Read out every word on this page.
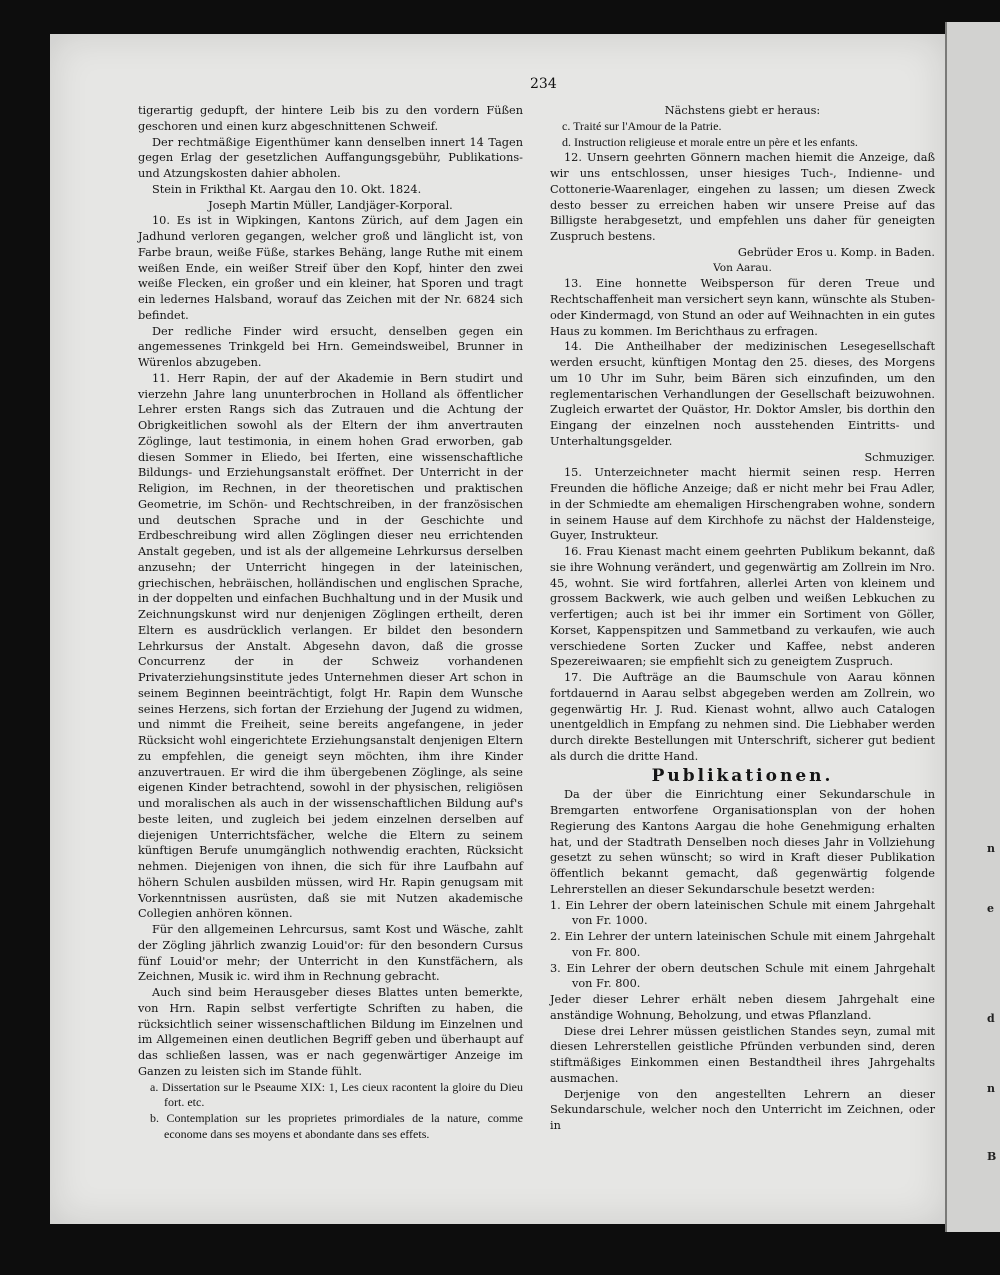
n
e
d
n
B
234

tigerartig gedupft, der hintere Leib bis zu den vordern Füßen geschoren und einen kurz abgeschnittenen Schweif.

Der rechtmäßige Eigenthümer kann denselben innert 14 Tagen gegen Erlag der gesetzlichen Auffangungsgebühr, Publikations- und Atzungskosten dahier abholen.

Stein in Frikthal Kt. Aargau den 10. Okt. 1824.

Joseph Martin Müller, Landjäger-Korporal.

10. Es ist in Wipkingen, Kantons Zürich, auf dem Jagen ein Jadhund verloren gegangen, welcher groß und länglicht ist, von Farbe braun, weiße Füße, starkes Behäng, lange Ruthe mit einem weißen Ende, ein weißer Streif über den Kopf, hinter den zwei weiße Flecken, ein großer und ein kleiner, hat Sporen und tragt ein ledernes Halsband, worauf das Zeichen mit der Nr. 6824 sich befindet.

Der redliche Finder wird ersucht, denselben gegen ein angemessenes Trinkgeld bei Hrn. Gemeindsweibel, Brunner in Würenlos abzugeben.

11. Herr Rapin, der auf der Akademie in Bern studirt und vierzehn Jahre lang ununterbrochen in Holland als öffentlicher Lehrer ersten Rangs sich das Zutrauen und die Achtung der Obrigkeitlichen sowohl als der Eltern der ihm anvertrauten Zöglinge, laut testimonia, in einem hohen Grad erworben, gab diesen Sommer in Eliedo, bei Iferten, eine wissenschaftliche Bildungs- und Erziehungsanstalt eröffnet. Der Unterricht in der Religion, im Rechnen, in der theoretischen und praktischen Geometrie, im Schön- und Rechtschreiben, in der französischen und deutschen Sprache und in der Geschichte und Erdbeschreibung wird allen Zöglingen dieser neu errichtenden Anstalt gegeben, und ist als der allgemeine Lehrkursus derselben anzusehn; der Unterricht hingegen in der lateinischen, griechischen, hebräischen, holländischen und englischen Sprache, in der doppelten und einfachen Buchhaltung und in der Musik und Zeichnungskunst wird nur denjenigen Zöglingen ertheilt, deren Eltern es ausdrücklich verlangen. Er bildet den besondern Lehrkursus der Anstalt. Abgesehn davon, daß die grosse Concurrenz der in der Schweiz vorhandenen Privaterziehungsinstitute jedes Unternehmen dieser Art schon in seinem Beginnen beeinträchtigt, folgt Hr. Rapin dem Wunsche seines Herzens, sich fortan der Erziehung der Jugend zu widmen, und nimmt die Freiheit, seine bereits angefangene, in jeder Rücksicht wohl eingerichtete Erziehungsanstalt denjenigen Eltern zu empfehlen, die geneigt seyn möchten, ihm ihre Kinder anzuvertrauen. Er wird die ihm übergebenen Zöglinge, als seine eigenen Kinder betrachtend, sowohl in der physischen, religiösen und moralischen als auch in der wissenschaftlichen Bildung auf's beste leiten, und zugleich bei jedem einzelnen derselben auf diejenigen Unterrichtsfächer, welche die Eltern zu seinem künftigen Berufe unumgänglich nothwendig erachten, Rücksicht nehmen. Diejenigen von ihnen, die sich für ihre Laufbahn auf höhern Schulen ausbilden müssen, wird Hr. Rapin genugsam mit Vorkenntnissen ausrüsten, daß sie mit Nutzen akademische Collegien anhören können.

Für den allgemeinen Lehrcursus, samt Kost und Wäsche, zahlt der Zögling jährlich zwanzig Louid'or: für den besondern Cursus fünf Louid'or mehr; der Unterricht in den Kunstfächern, als Zeichnen, Musik ic. wird ihm in Rechnung gebracht.

Auch sind beim Herausgeber dieses Blattes unten bemerkte, von Hrn. Rapin selbst verfertigte Schriften zu haben, die rücksichtlich seiner wissenschaftlichen Bildung im Einzelnen und im Allgemeinen einen deutlichen Begriff geben und überhaupt auf das schließen lassen, was er nach gegenwärtiger Anzeige im Ganzen zu leisten sich im Stande fühlt.

a. Dissertation sur le Pseaume XIX: 1, Les cieux racontent la gloire du Dieu fort. etc.

b. Contemplation sur les proprietes primordiales de la nature, comme econome dans ses moyens et abondante dans ses effets.

Nächstens giebt er heraus:

c. Traité sur l'Amour de la Patrie.

d. Instruction religieuse et morale entre un père et les enfants.

12. Unsern geehrten Gönnern machen hiemit die Anzeige, daß wir uns entschlossen, unser hiesiges Tuch-, Indienne- und Cottonerie-Waarenlager, eingehen zu lassen; um diesen Zweck desto besser zu erreichen haben wir unsere Preise auf das Billigste herabgesetzt, und empfehlen uns daher für geneigten Zuspruch bestens.

Gebrüder Eros u. Komp. in Baden.

Von Aarau.

13. Eine honnette Weibsperson für deren Treue und Rechtschaffenheit man versichert seyn kann, wünschte als Stuben- oder Kindermagd, von Stund an oder auf Weihnachten in ein gutes Haus zu kommen. Im Berichthaus zu erfragen.

14. Die Antheilhaber der medizinischen Lesegesellschaft werden ersucht, künftigen Montag den 25. dieses, des Morgens um 10 Uhr im Suhr, beim Bären sich einzufinden, um den reglementarischen Verhandlungen der Gesellschaft beizuwohnen. Zugleich erwartet der Quästor, Hr. Doktor Amsler, bis dorthin den Eingang der einzelnen noch ausstehenden Eintritts- und Unterhaltungsgelder.

Schmuziger.

15. Unterzeichneter macht hiermit seinen resp. Herren Freunden die höfliche Anzeige; daß er nicht mehr bei Frau Adler, in der Schmiedte am ehemaligen Hirschengraben wohne, sondern in seinem Hause auf dem Kirchhofe zu nächst der Haldensteige, Guyer, Instrukteur.

16. Frau Kienast macht einem geehrten Publikum bekannt, daß sie ihre Wohnung verändert, und gegenwärtig am Zollrein im Nro. 45, wohnt. Sie wird fortfahren, allerlei Arten von kleinem und grossem Backwerk, wie auch gelben und weißen Lebkuchen zu verfertigen; auch ist bei ihr immer ein Sortiment von Göller, Korset, Kappenspitzen und Sammetband zu verkaufen, wie auch verschiedene Sorten Zucker und Kaffee, nebst anderen Spezereiwaaren; sie empfiehlt sich zu geneigtem Zuspruch.

17. Die Aufträge an die Baumschule von Aarau können fortdauernd in Aarau selbst abgegeben werden am Zollrein, wo gegenwärtig Hr. J. Rud. Kienast wohnt, allwo auch Catalogen unentgeldlich in Empfang zu nehmen sind. Die Liebhaber werden durch direkte Bestellungen mit Unterschrift, sicherer gut bedient als durch die dritte Hand.

Publikationen.

Da der über die Einrichtung einer Sekundarschule in Bremgarten entworfene Organisationsplan von der hohen Regierung des Kantons Aargau die hohe Genehmigung erhalten hat, und der Stadtrath Denselben noch dieses Jahr in Vollziehung gesetzt zu sehen wünscht; so wird in Kraft dieser Publikation öffentlich bekannt gemacht, daß gegenwärtig folgende Lehrerstellen an dieser Sekundarschule besetzt werden:

1. Ein Lehrer der obern lateinischen Schule mit einem Jahrgehalt von Fr. 1000.

2. Ein Lehrer der untern lateinischen Schule mit einem Jahrgehalt von Fr. 800.

3. Ein Lehrer der obern deutschen Schule mit einem Jahrgehalt von Fr. 800.

Jeder dieser Lehrer erhält neben diesem Jahrgehalt eine anständige Wohnung, Beholzung, und etwas Pflanzland.

Diese drei Lehrer müssen geistlichen Standes seyn, zumal mit diesen Lehrerstellen geistliche Pfründen verbunden sind, deren stiftmäßiges Einkommen einen Bestandtheil ihres Jahrgehalts ausmachen.

Derjenige von den angestellten Lehrern an dieser Sekundarschule, welcher noch den Unterricht im Zeichnen, oder in
